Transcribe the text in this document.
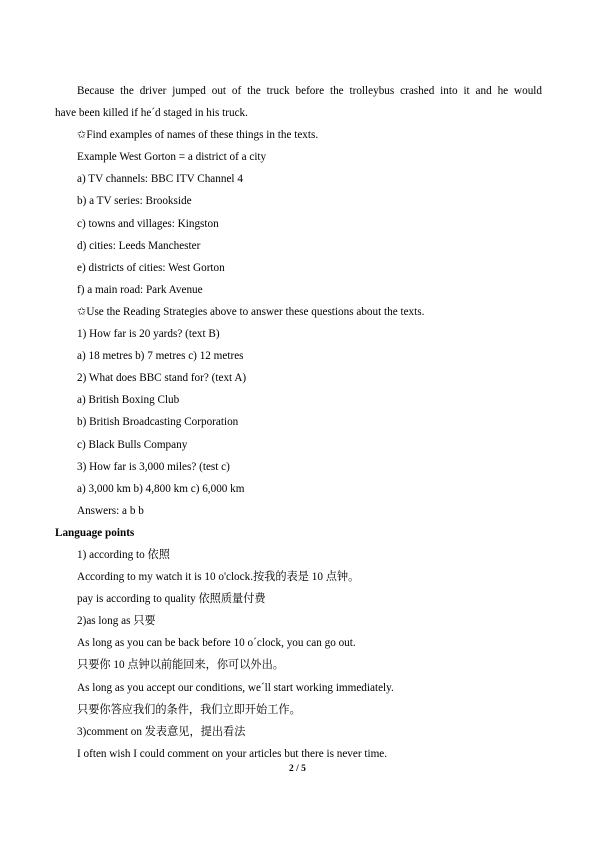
Because the driver jumped out of the truck before the trolleybus crashed into it and he would
have been killed if he´d staged in his truck.
✩Find examples of names of these things in the texts.
Example West Gorton = a district of a city
a) TV channels: BBC ITV Channel 4
b) a TV series: Brookside
c) towns and villages: Kingston
d) cities: Leeds Manchester
e) districts of cities: West Gorton
f) a main road: Park Avenue
✩Use the Reading Strategies above to answer these questions about the texts.
1) How far is 20 yards? (text B)
a) 18 metres b) 7 metres c) 12 metres
2) What does BBC stand for? (text A)
a) British Boxing Club
b) British Broadcasting Corporation
c) Black Bulls Company
3) How far is 3,000 miles? (test c)
a) 3,000 km b) 4,800 km c) 6,000 km
Answers: a b b
Language points
1) according to 依照
According to my watch it is 10 o'clock.按我的表是 10 点钟。
pay is according to quality 依照质量付费
2)as long as 只要
As long as you can be back before 10 o´clock, you can go out.
只要你 10 点钟以前能回来，你可以外出。
As long as you accept our conditions, we´ll start working immediately.
只要你答应我们的条件，我们立即开始工作。
3)comment on 发表意见，提出看法
I often wish I could comment on your articles but there is never time.
2 / 5
